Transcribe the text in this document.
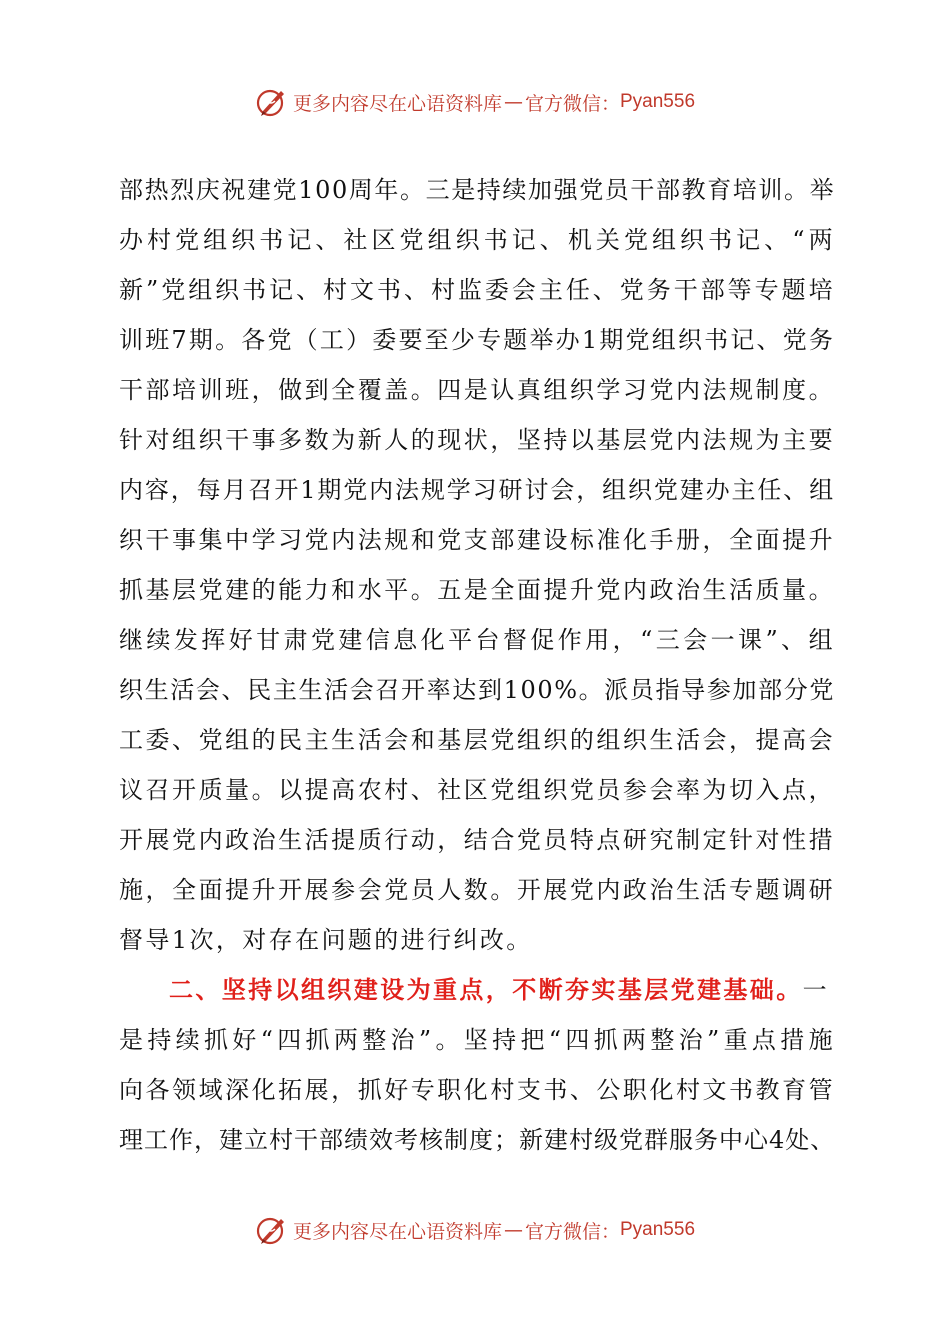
更多内容尽在心语资料库 — 官方微信： Pyan556
部热烈庆祝建党100周年。三是持续加强党员干部教育培训。举
办村党组织书记、社区党组织书记、机关党组织书记、“两
新”党组织书记、村文书、村监委会主任、党务干部等专题培
训班7期。各党（工）委要至少专题举办1期党组织书记、党务
干部培训班，做到全覆盖。四是认真组织学习党内法规制度。
针对组织干事多数为新人的现状，坚持以基层党内法规为主要
内容，每月召开1期党内法规学习研讨会，组织党建办主任、组
织干事集中学习党内法规和党支部建设标准化手册，全面提升
抓基层党建的能力和水平。五是全面提升党内政治生活质量。
继续发挥好甘肃党建信息化平台督促作用，“三会一课”、组
织生活会、民主生活会召开率达到100%。派员指导参加部分党
工委、党组的民主生活会和基层党组织的组织生活会，提高会
议召开质量。以提高农村、社区党组织党员参会率为切入点，
开展党内政治生活提质行动，结合党员特点研究制定针对性措
施，全面提升开展参会党员人数。开展党内政治生活专题调研
督导1次，对存在问题的进行纠改。
二、坚持以组织建设为重点，不断夯实基层党建基础。一
是持续抓好“四抓两整治”。坚持把“四抓两整治”重点措施
向各领域深化拓展，抓好专职化村支书、公职化村文书教育管
理工作，建立村干部绩效考核制度；新建村级党群服务中心4处、
更多内容尽在心语资料库 — 官方微信： Pyan556
